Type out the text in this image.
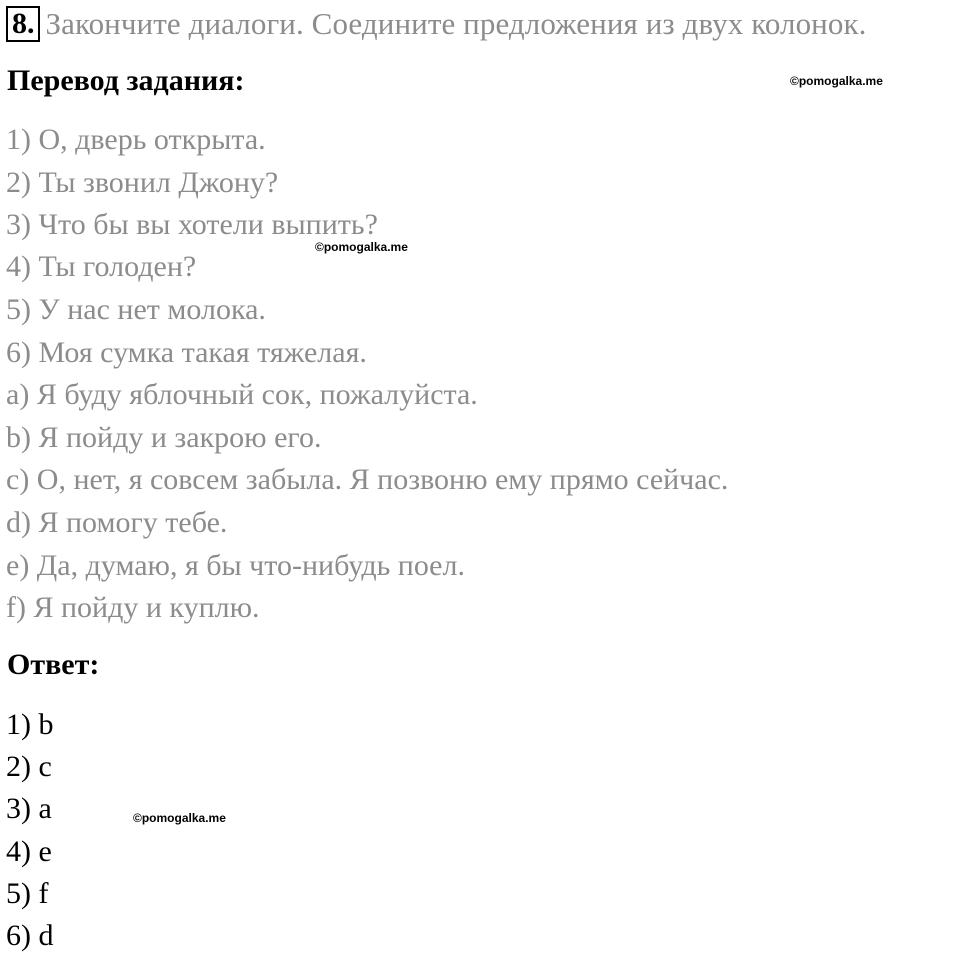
8. Закончите диалоги. Соедините предложения из двух колонок.
Перевод задания:	©pomogalka.me
1) О, дверь открыта.
2) Ты звонил Джону?
3) Что бы вы хотели выпить?
4) Ты голоден?
5) У нас нет молока.
6) Моя сумка такая тяжелая.
a) Я буду яблочный сок, пожалуйста.
b) Я пойду и закрою его.
c) О, нет, я совсем забыла. Я позвоню ему прямо сейчас.
d) Я помогу тебе.
e) Да, думаю, я бы что-нибудь поел.
f) Я пойду и куплю.
©pomogalka.me
Ответ:
1) b
2) c
3) a
4) e
5) f
6) d
©pomogalka.me
